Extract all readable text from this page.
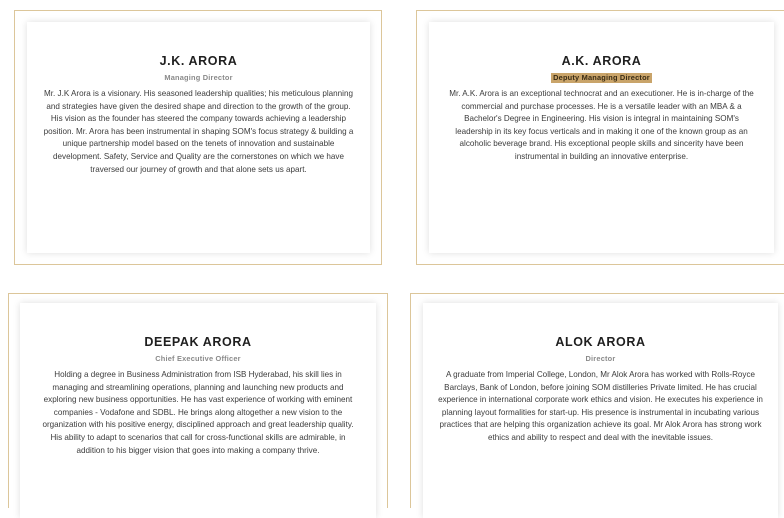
J.K. ARORA
Managing Director

Mr. J.K Arora is a visionary. His seasoned leadership qualities; his meticulous planning and strategies have given the desired shape and direction to the growth of the group. His vision as the founder has steered the company towards achieving a leadership position. Mr. Arora has been instrumental in shaping SOM's focus strategy & building a unique partnership model based on the tenets of innovation and sustainable development. Safety, Service and Quality are the cornerstones on which we have traversed our journey of growth and that alone sets us apart.

A.K. ARORA
Deputy Managing Director

Mr. A.K. Arora is an exceptional technocrat and an executioner. He is in-charge of the commercial and purchase processes. He is a versatile leader with an MBA & a Bachelor's Degree in Engineering. His vision is integral in maintaining SOM's leadership in its key focus verticals and in making it one of the known group as an alcoholic beverage brand. His exceptional people skills and sincerity have been instrumental in building an innovative enterprise.

DEEPAK ARORA
Chief Executive Officer

Holding a degree in Business Administration from ISB Hyderabad, his skill lies in managing and streamlining operations, planning and launching new products and exploring new business opportunities. He has vast experience of working with eminent companies - Vodafone and SDBL. He brings along altogether a new vision to the organization with his positive energy, disciplined approach and great leadership quality. His ability to adapt to scenarios that call for cross-functional skills are admirable, in addition to his bigger vision that goes into making a company thrive.

ALOK ARORA
Director

A graduate from Imperial College, London, Mr Alok Arora has worked with Rolls-Royce Barclays, Bank of London, before joining SOM distilleries Private limited. He has crucial experience in international corporate work ethics and vision. He executes his experience in planning layout formalities for start-up. His presence is instrumental in incubating various practices that are helping this organization achieve its goal. Mr Alok Arora has strong work ethics and ability to respect and deal with the inevitable issues.
